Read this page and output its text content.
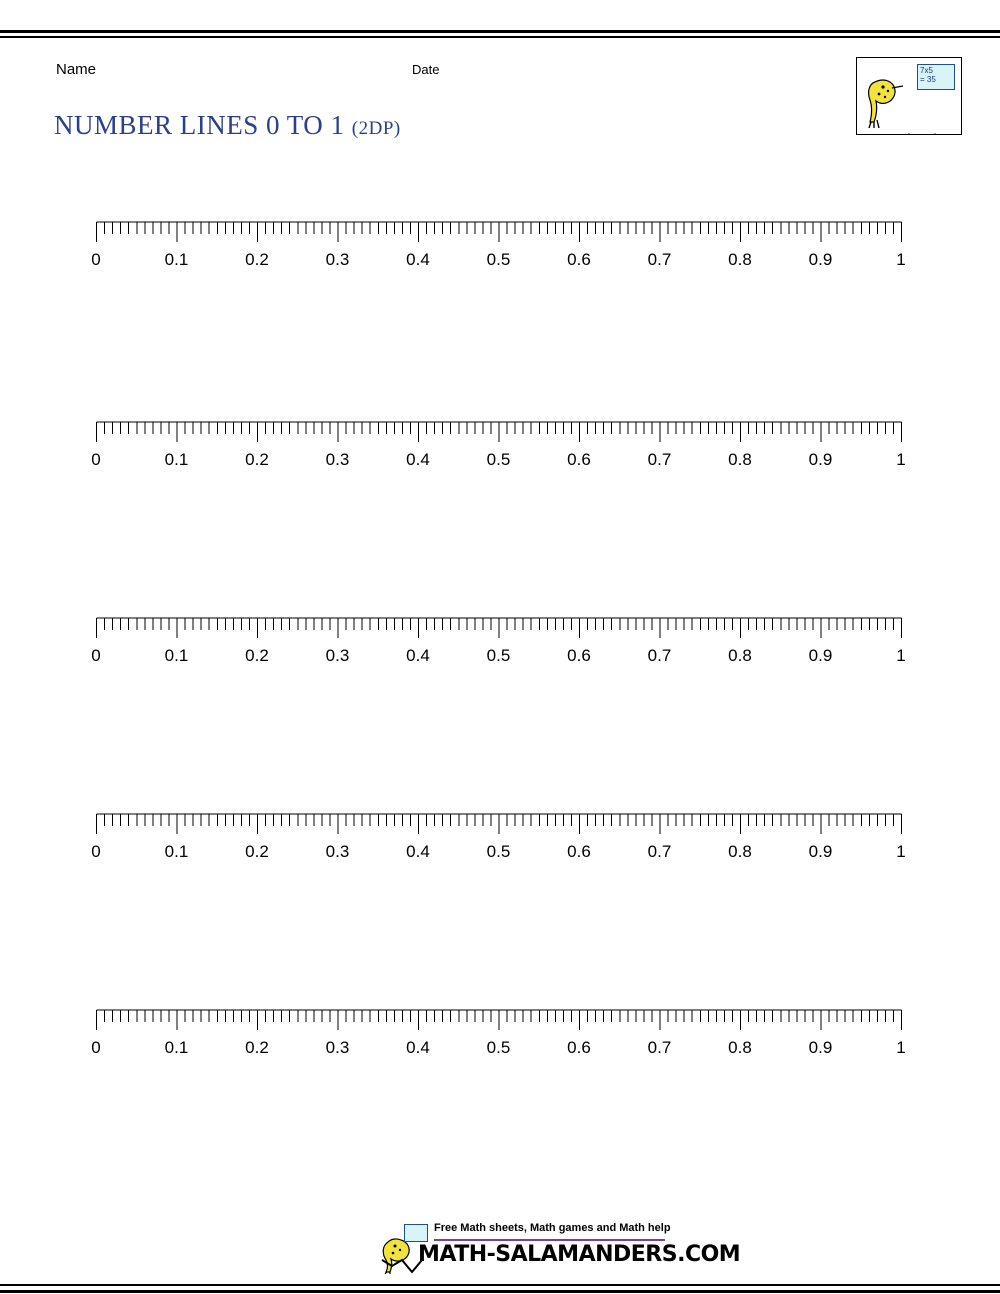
Name	Date
NUMBER LINES 0 TO 1 (2DP)
7x5
= 35
0	0.1	0.2	0.3	0.4	0.5	0.6	0.7	0.8	0.9	1
0	0.1	0.2	0.3	0.4	0.5	0.6	0.7	0.8	0.9	1
0	0.1	0.2	0.3	0.4	0.5	0.6	0.7	0.8	0.9	1
0	0.1	0.2	0.3	0.4	0.5	0.6	0.7	0.8	0.9	1
0	0.1	0.2	0.3	0.4	0.5	0.6	0.7	0.8	0.9	1
Free Math sheets, Math games and Math help
MATH-SALAMANDERS.COM
